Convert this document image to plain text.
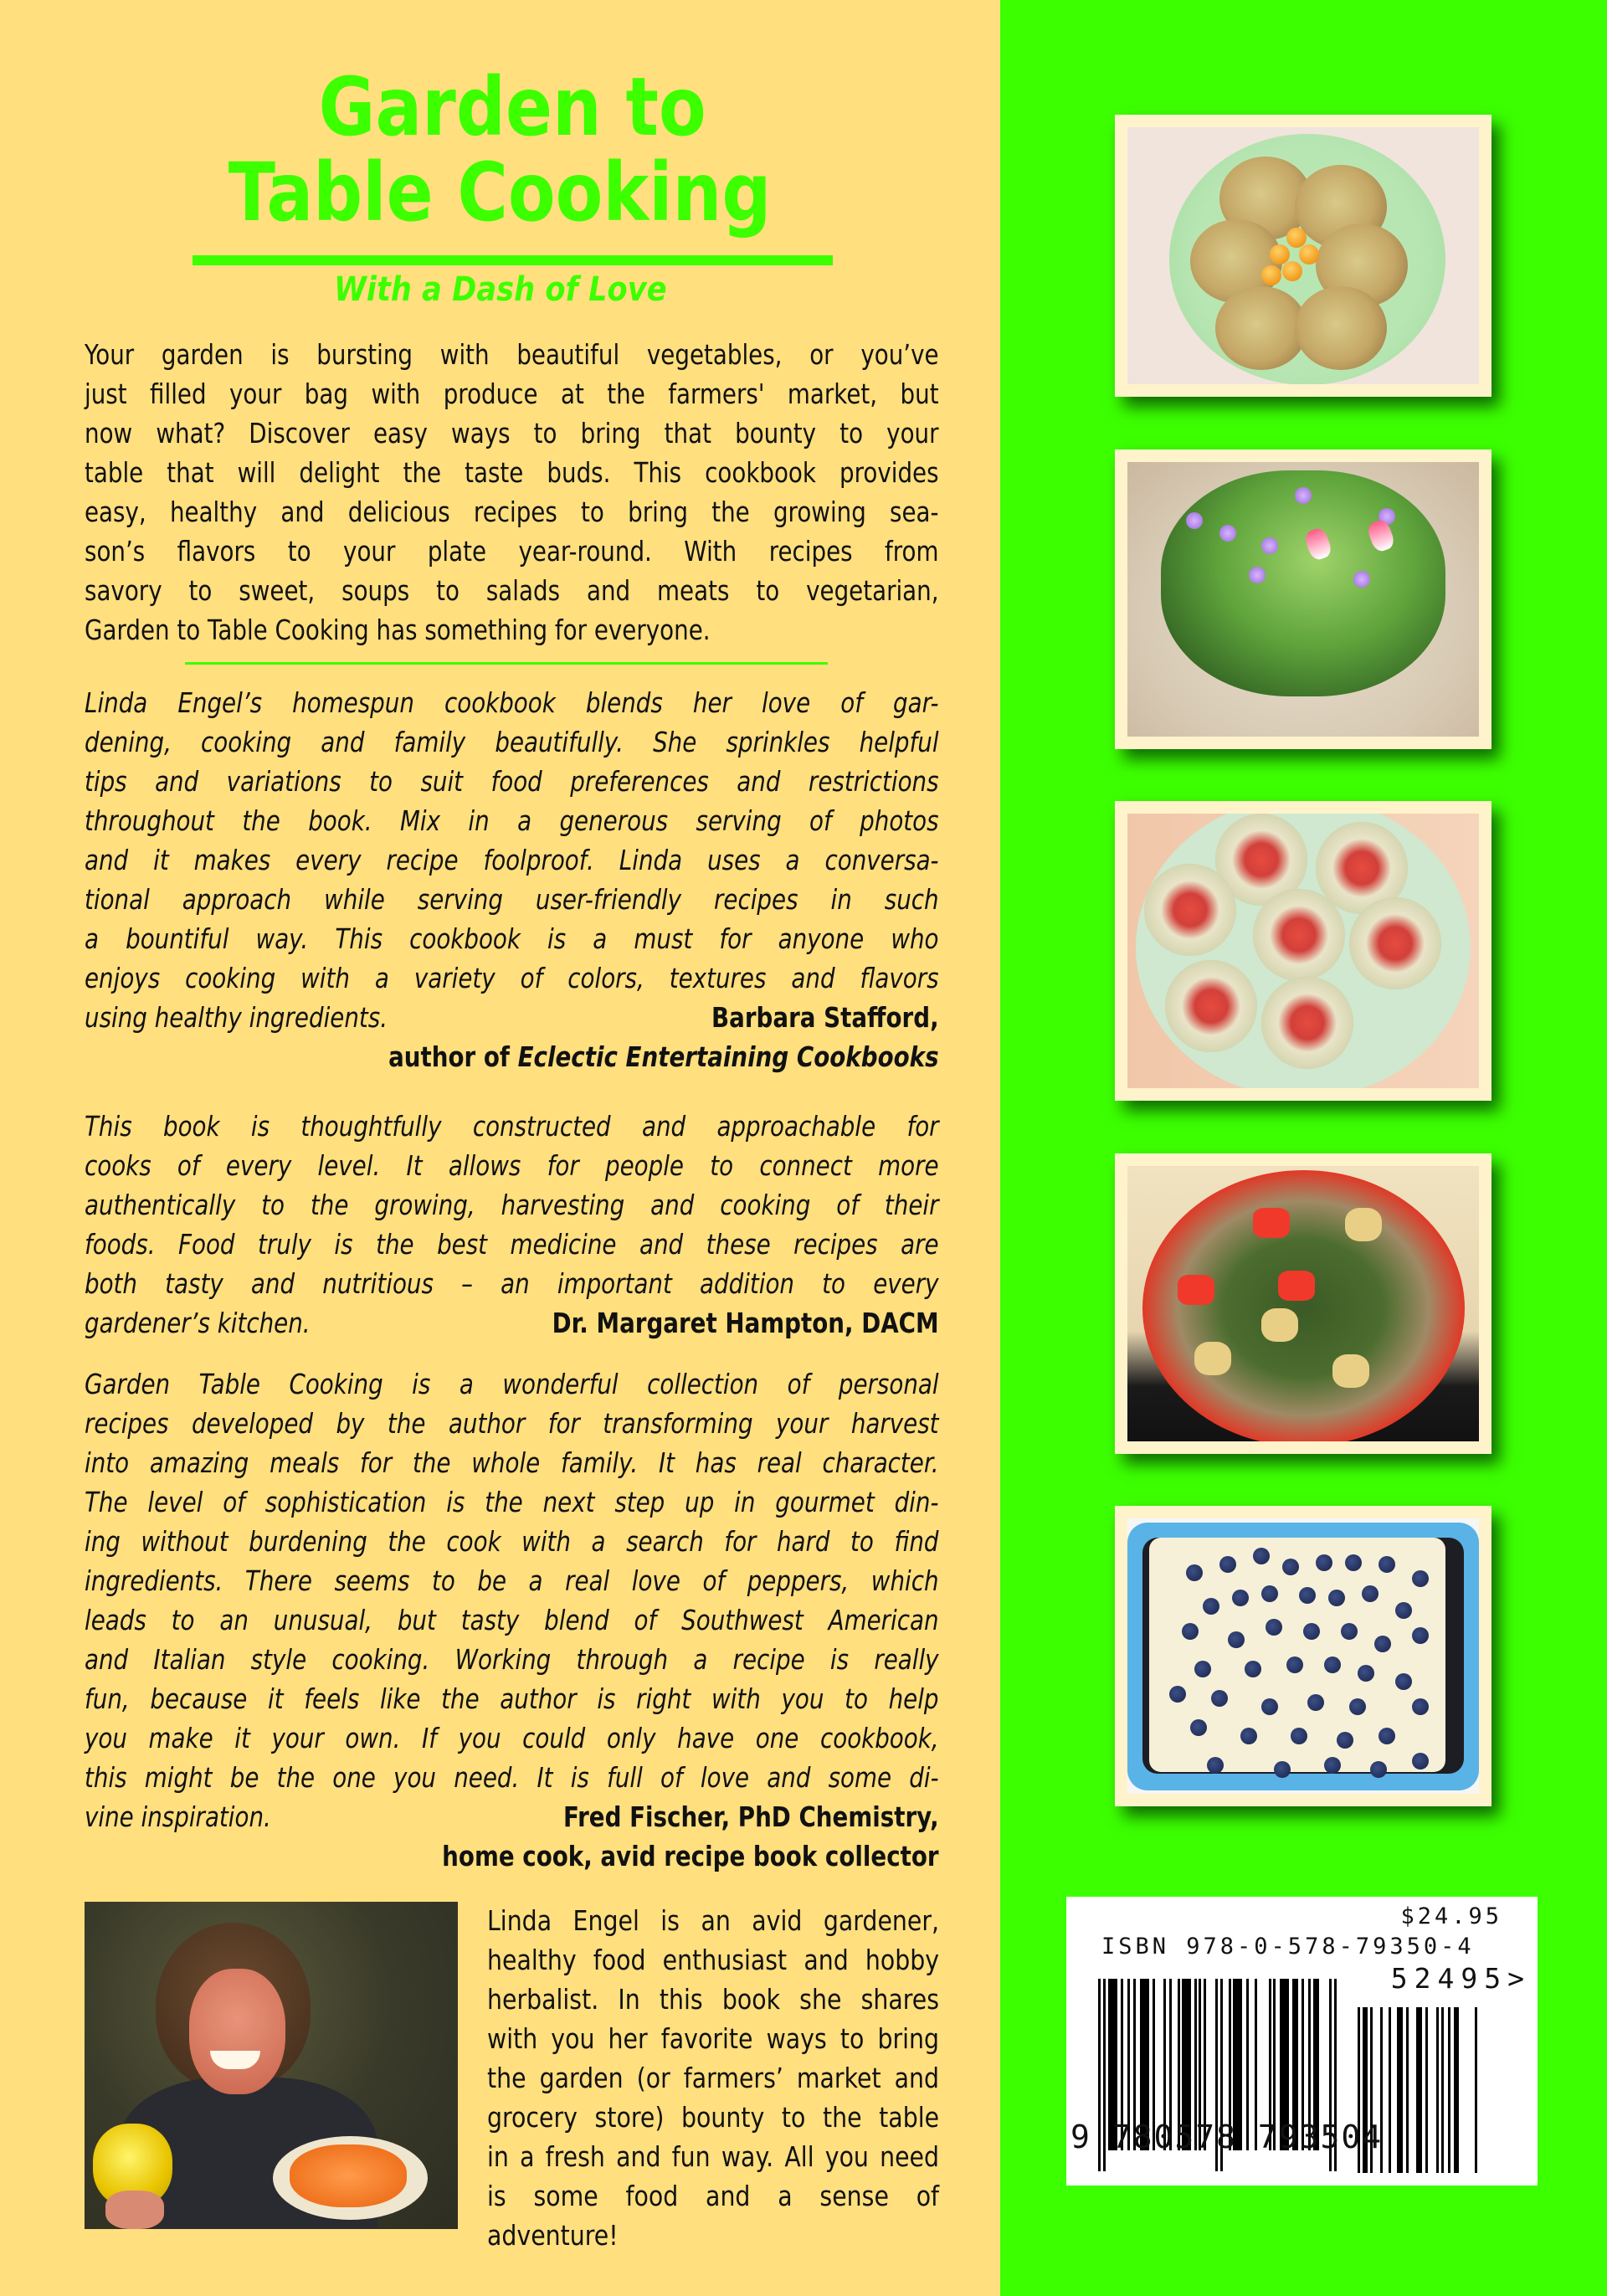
Garden to
Table Cooking
With a Dash of Love
Your garden is bursting with beautiful vegetables, or you’ve
just filled your bag with produce at the farmers' market, but
now what? Discover easy ways to bring that bounty to your
table that will delight the taste buds. This cookbook provides
easy, healthy and delicious recipes to bring the growing sea-
son’s flavors to your plate year-round. With recipes from
savory to sweet, soups to salads and meats to vegetarian,
Garden to Table Cooking has something for everyone.
Linda Engel’s homespun cookbook blends her love of gar-
dening, cooking and family beautifully. She sprinkles helpful
tips and variations to suit food preferences and restrictions
throughout the book. Mix in a generous serving of photos
and it makes every recipe foolproof. Linda uses a conversa-
tional approach while serving user-friendly recipes in such
a bountiful way. This cookbook is a must for anyone who
enjoys cooking with a variety of colors, textures and flavors
using healthy ingredients.	Barbara Stafford,
author of Eclectic Entertaining Cookbooks
This book is thoughtfully constructed and approachable for
cooks of every level. It allows for people to connect more
authentically to the growing, harvesting and cooking of their
foods. Food truly is the best medicine and these recipes are
both tasty and nutritious – an important addition to every
gardener’s kitchen.	Dr. Margaret Hampton, DACM
Garden Table Cooking is a wonderful collection of personal
recipes developed by the author for transforming your harvest
into amazing meals for the whole family. It has real character.
The level of sophistication is the next step up in gourmet din-
ing without burdening the cook with a search for hard to find
ingredients. There seems to be a real love of peppers, which
leads to an unusual, but tasty blend of Southwest American
and Italian style cooking. Working through a recipe is really
fun, because it feels like the author is right with you to help
you make it your own. If you could only have one cookbook,
this might be the one you need. It is full of love and some di-
vine inspiration.	Fred Fischer, PhD Chemistry,
home cook, avid recipe book collector
Linda Engel is an avid gardener,
healthy food enthusiast and hobby
herbalist. In this book she shares
with you her favorite ways to bring
the garden (or farmers’ market and
grocery store) bounty to the table
in a fresh and fun way. All you need
is some food and a sense of
adventure!
$24.95
ISBN 978-0-578-79350-4
52495>
9 780578 793504
